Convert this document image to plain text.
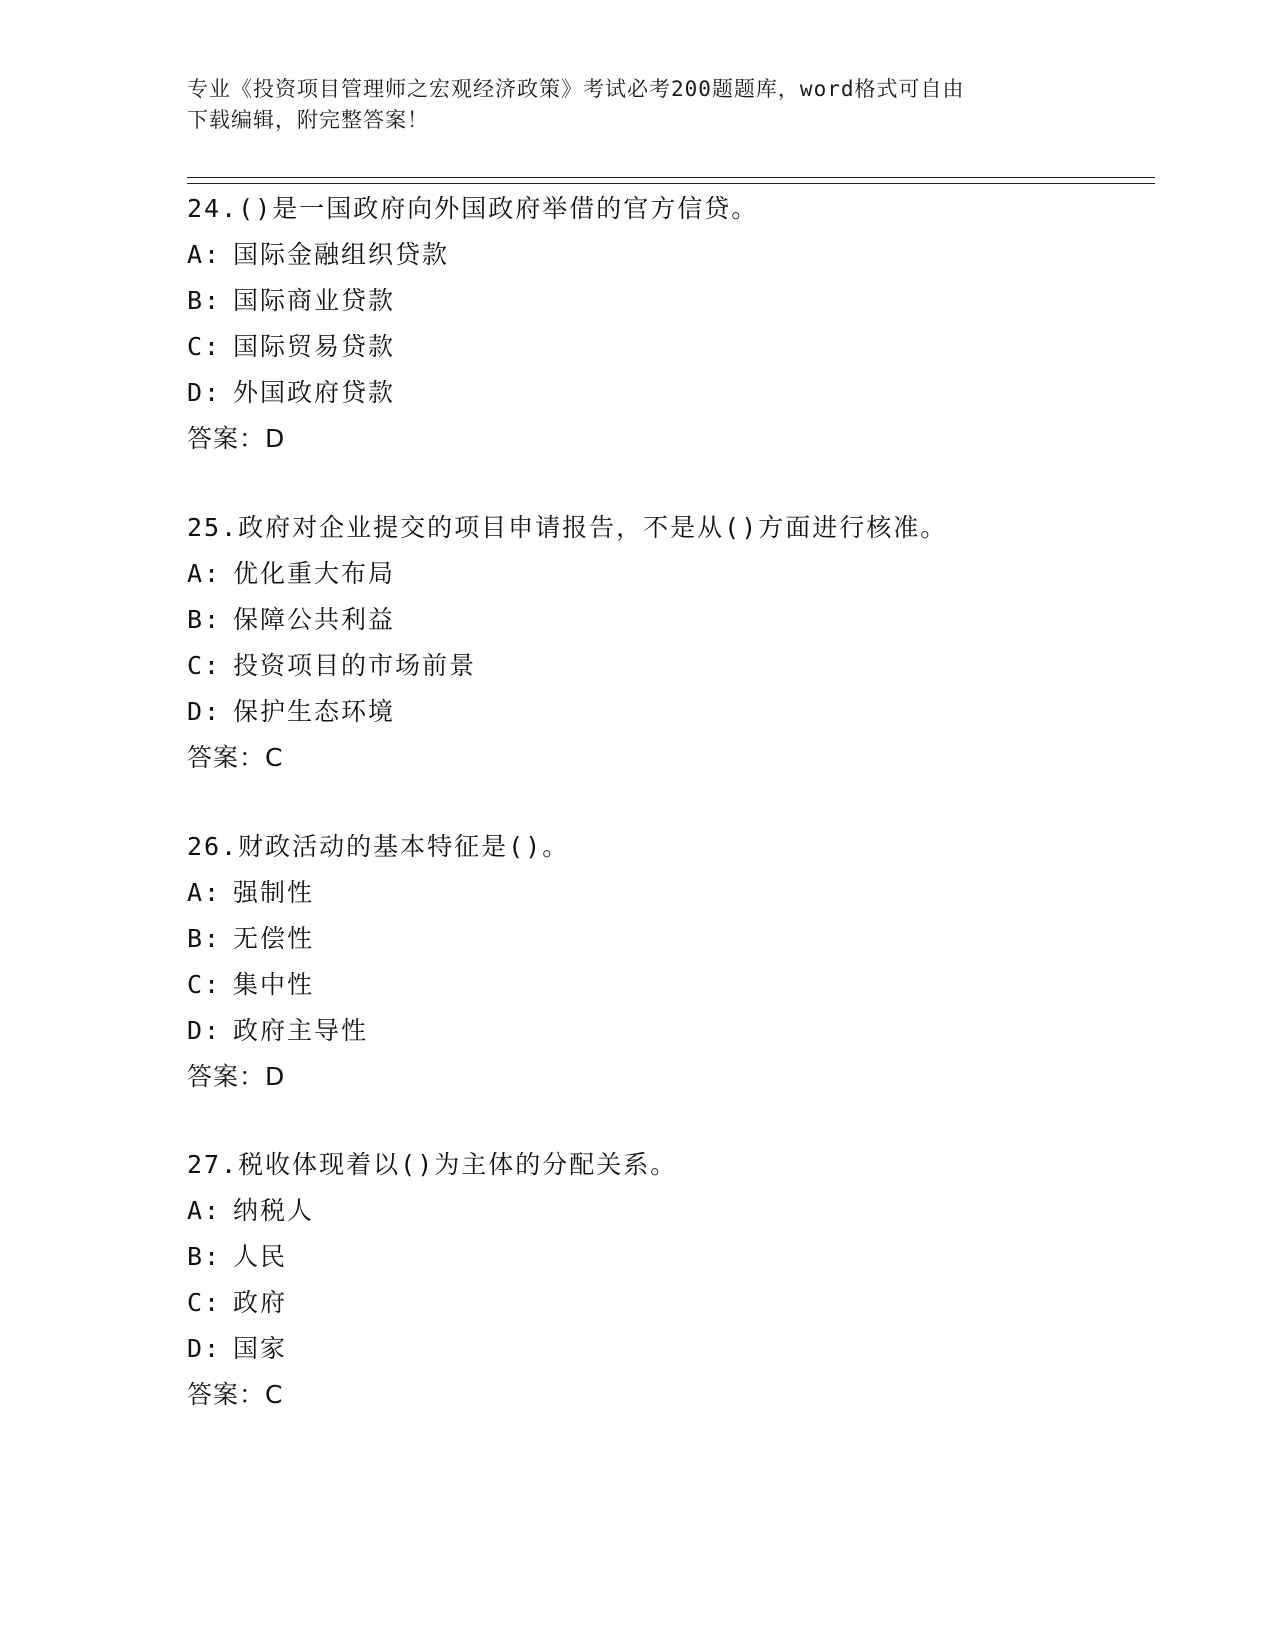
专业《投资项目管理师之宏观经济政策》考试必考200题题库，word格式可自由
下载编辑，附完整答案！
24.()是一国政府向外国政府举借的官方信贷。
A: 国际金融组织贷款
B: 国际商业贷款
C: 国际贸易贷款
D: 外国政府贷款
答案：D
25.政府对企业提交的项目申请报告，不是从()方面进行核准。
A: 优化重大布局
B: 保障公共利益
C: 投资项目的市场前景
D: 保护生态环境
答案：C
26.财政活动的基本特征是()。
A: 强制性
B: 无偿性
C: 集中性
D: 政府主导性
答案：D
27.税收体现着以()为主体的分配关系。
A: 纳税人
B: 人民
C: 政府
D: 国家
答案：C
